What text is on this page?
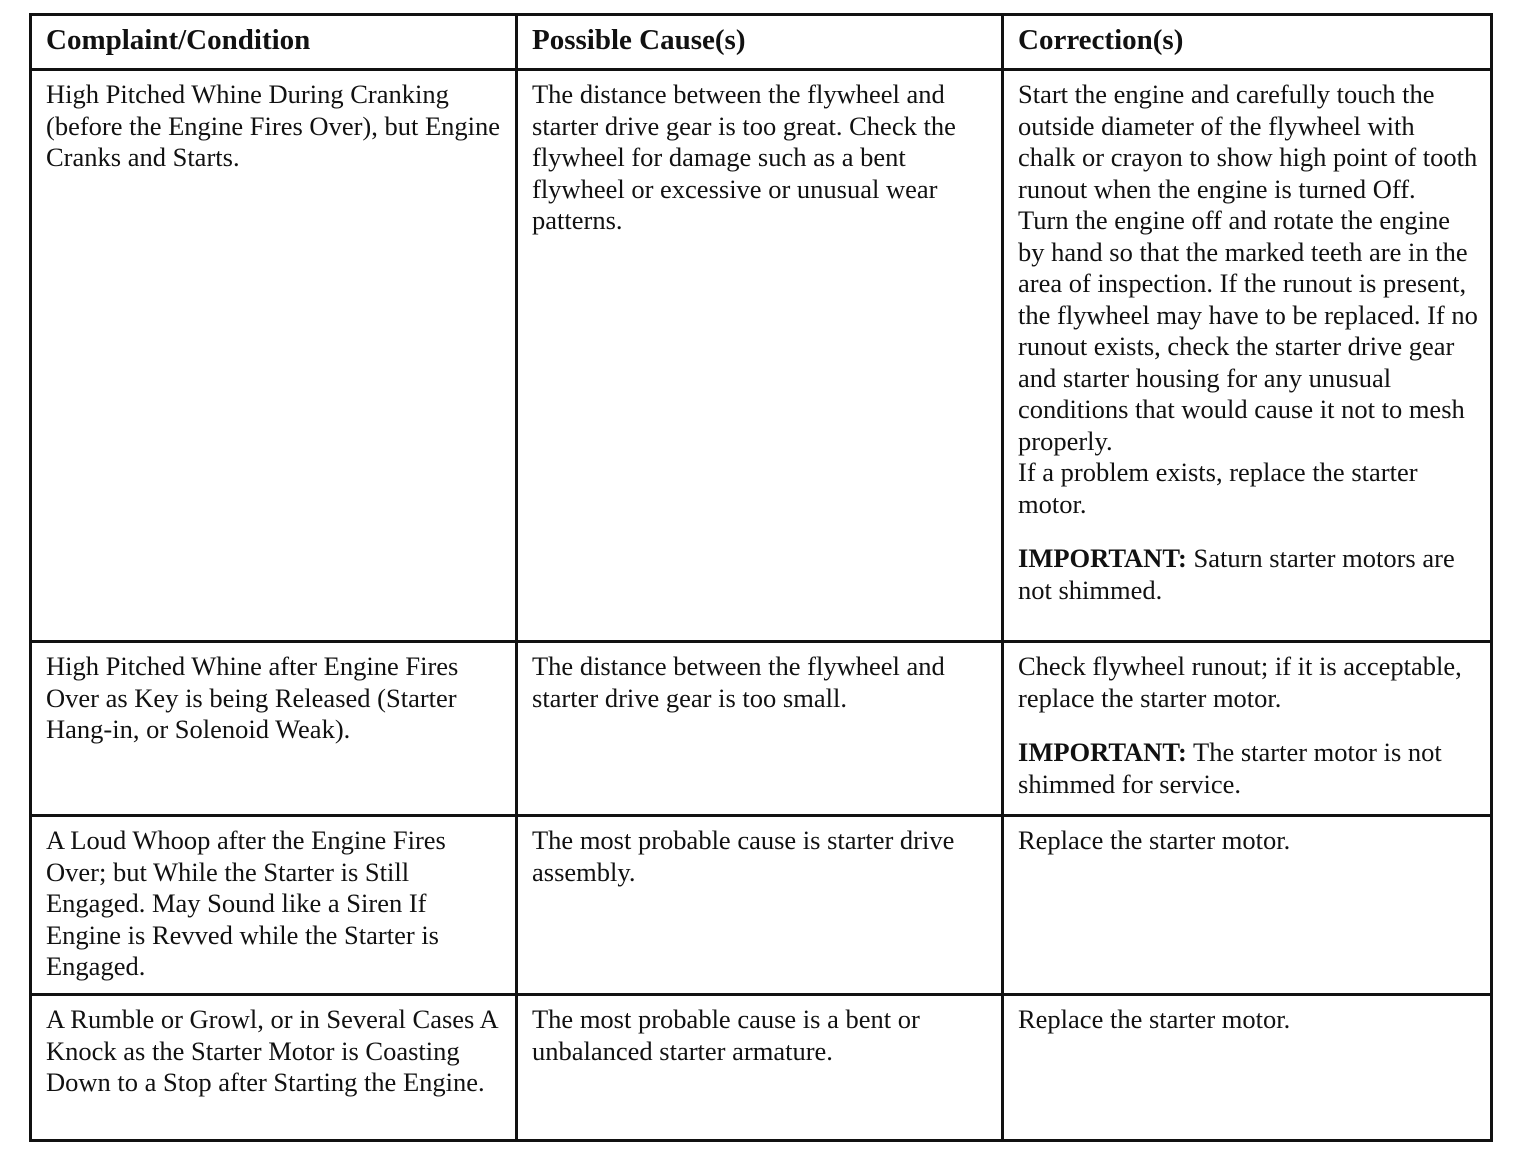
Complaint/Condition	Possible Cause(s)	Correction(s)

High Pitched Whine During Cranking (before the Engine Fires Over), but Engine Cranks and Starts.	The distance between the flywheel and starter drive gear is too great. Check the flywheel for damage such as a bent flywheel or excessive or unusual wear patterns.	Start the engine and carefully touch the outside diameter of the flywheel with chalk or crayon to show high point of tooth runout when the engine is turned Off.

Turn the engine off and rotate the engine by hand so that the marked teeth are in the area of inspection. If the runout is present, the flywheel may have to be replaced. If no runout exists, check the starter drive gear and starter housing for any unusual conditions that would cause it not to mesh properly.

If a problem exists, replace the starter motor.

IMPORTANT: Saturn starter motors are not shimmed.

High Pitched Whine after Engine Fires Over as Key is being Released (Starter Hang-in, or Solenoid Weak).	The distance between the flywheel and starter drive gear is too small.	Check flywheel runout; if it is acceptable, replace the starter motor.

IMPORTANT: The starter motor is not shimmed for service.

A Loud Whoop after the Engine Fires Over; but While the Starter is Still Engaged. May Sound like a Siren If Engine is Revved while the Starter is Engaged.	The most probable cause is starter drive assembly.	Replace the starter motor.

A Rumble or Growl, or in Several Cases A Knock as the Starter Motor is Coasting Down to a Stop after Starting the Engine.	The most probable cause is a bent or unbalanced starter armature.	Replace the starter motor.
